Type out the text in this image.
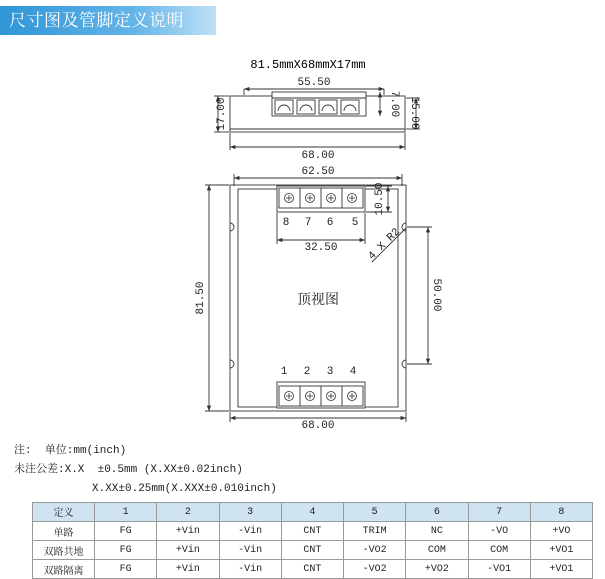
尺寸图及管脚定义说明
81.5mmX68mmX17mm
55.50
17.00	15.00
7.00
68.00
62.50
10.50
32.50	4 X R2
81.50	50.00
68.00
8 7 6 5
1 2 3 4
顶视图
注:  单位:mm(inch)
未注公差:X.X  ±0.5mm (X.XX±0.02inch)
X.XX±0.25mm(X.XXX±0.010inch)
定义	1	2	3	4	5	6	7	8
单路	FG	+Vin	-Vin	CNT	TRIM	NC	-VO	+VO
双路共地	FG	+Vin	-Vin	CNT	-VO2	COM	COM	+VO1
双路隔离	FG	+Vin	-Vin	CNT	-VO2	+VO2	-VO1	+VO1
